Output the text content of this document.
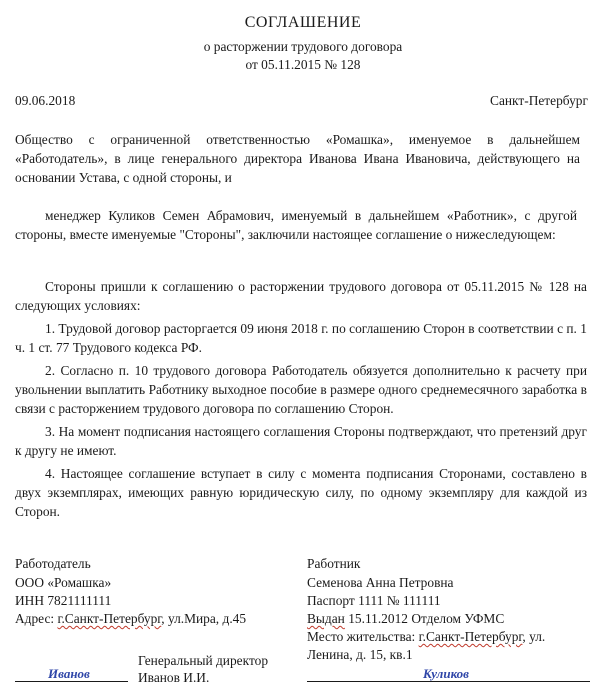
СОГЛАШЕНИЕ
о расторжении трудового договора
от 05.11.2015 № 128
09.06.2018	Санкт-Петербург
Общество с ограниченной ответственностью «Ромашка», именуемое в дальнейшем «Работодатель», в лице генерального директора Иванова Ивана Ивановича, действующего на основании Устава, с одной стороны, и
менеджер Куликов Семен Абрамович, именуемый в дальнейшем «Работник», с другой стороны, вместе именуемые "Стороны", заключили настоящее соглашение о нижеследующем:
Стороны пришли к соглашению о расторжении трудового договора от 05.11.2015 № 128 на следующих условиях:
1. Трудовой договор расторгается 09 июня 2018 г. по соглашению Сторон в соответствии с п. 1 ч. 1 ст. 77 Трудового кодекса РФ.
2. Согласно п. 10 трудового договора Работодатель обязуется дополнительно к расчету при увольнении выплатить Работнику выходное пособие в размере одного среднемесячного заработка в связи с расторжением трудового договора по соглашению Сторон.
3. На момент подписания настоящего соглашения Стороны подтверждают, что претензий друг к другу не имеют.
4. Настоящее соглашение вступает в силу с момента подписания Сторонами, составлено в двух экземплярах, имеющих равную юридическую силу, по одному экземпляру для каждой из Сторон.
Работодатель
ООО «Ромашка»
ИНН 7821111111
Адрес: г.Санкт-Петербург, ул.Мира, д.45
Иванов
Генеральный директор
Иванов И.И.
Работник
Семенова Анна Петровна
Паспорт 1111 № 111111
Выдан 15.11.2012 Отделом УФМС
Место жительства: г.Санкт-Петербург, ул.
Ленина, д. 15, кв.1
Куликов
